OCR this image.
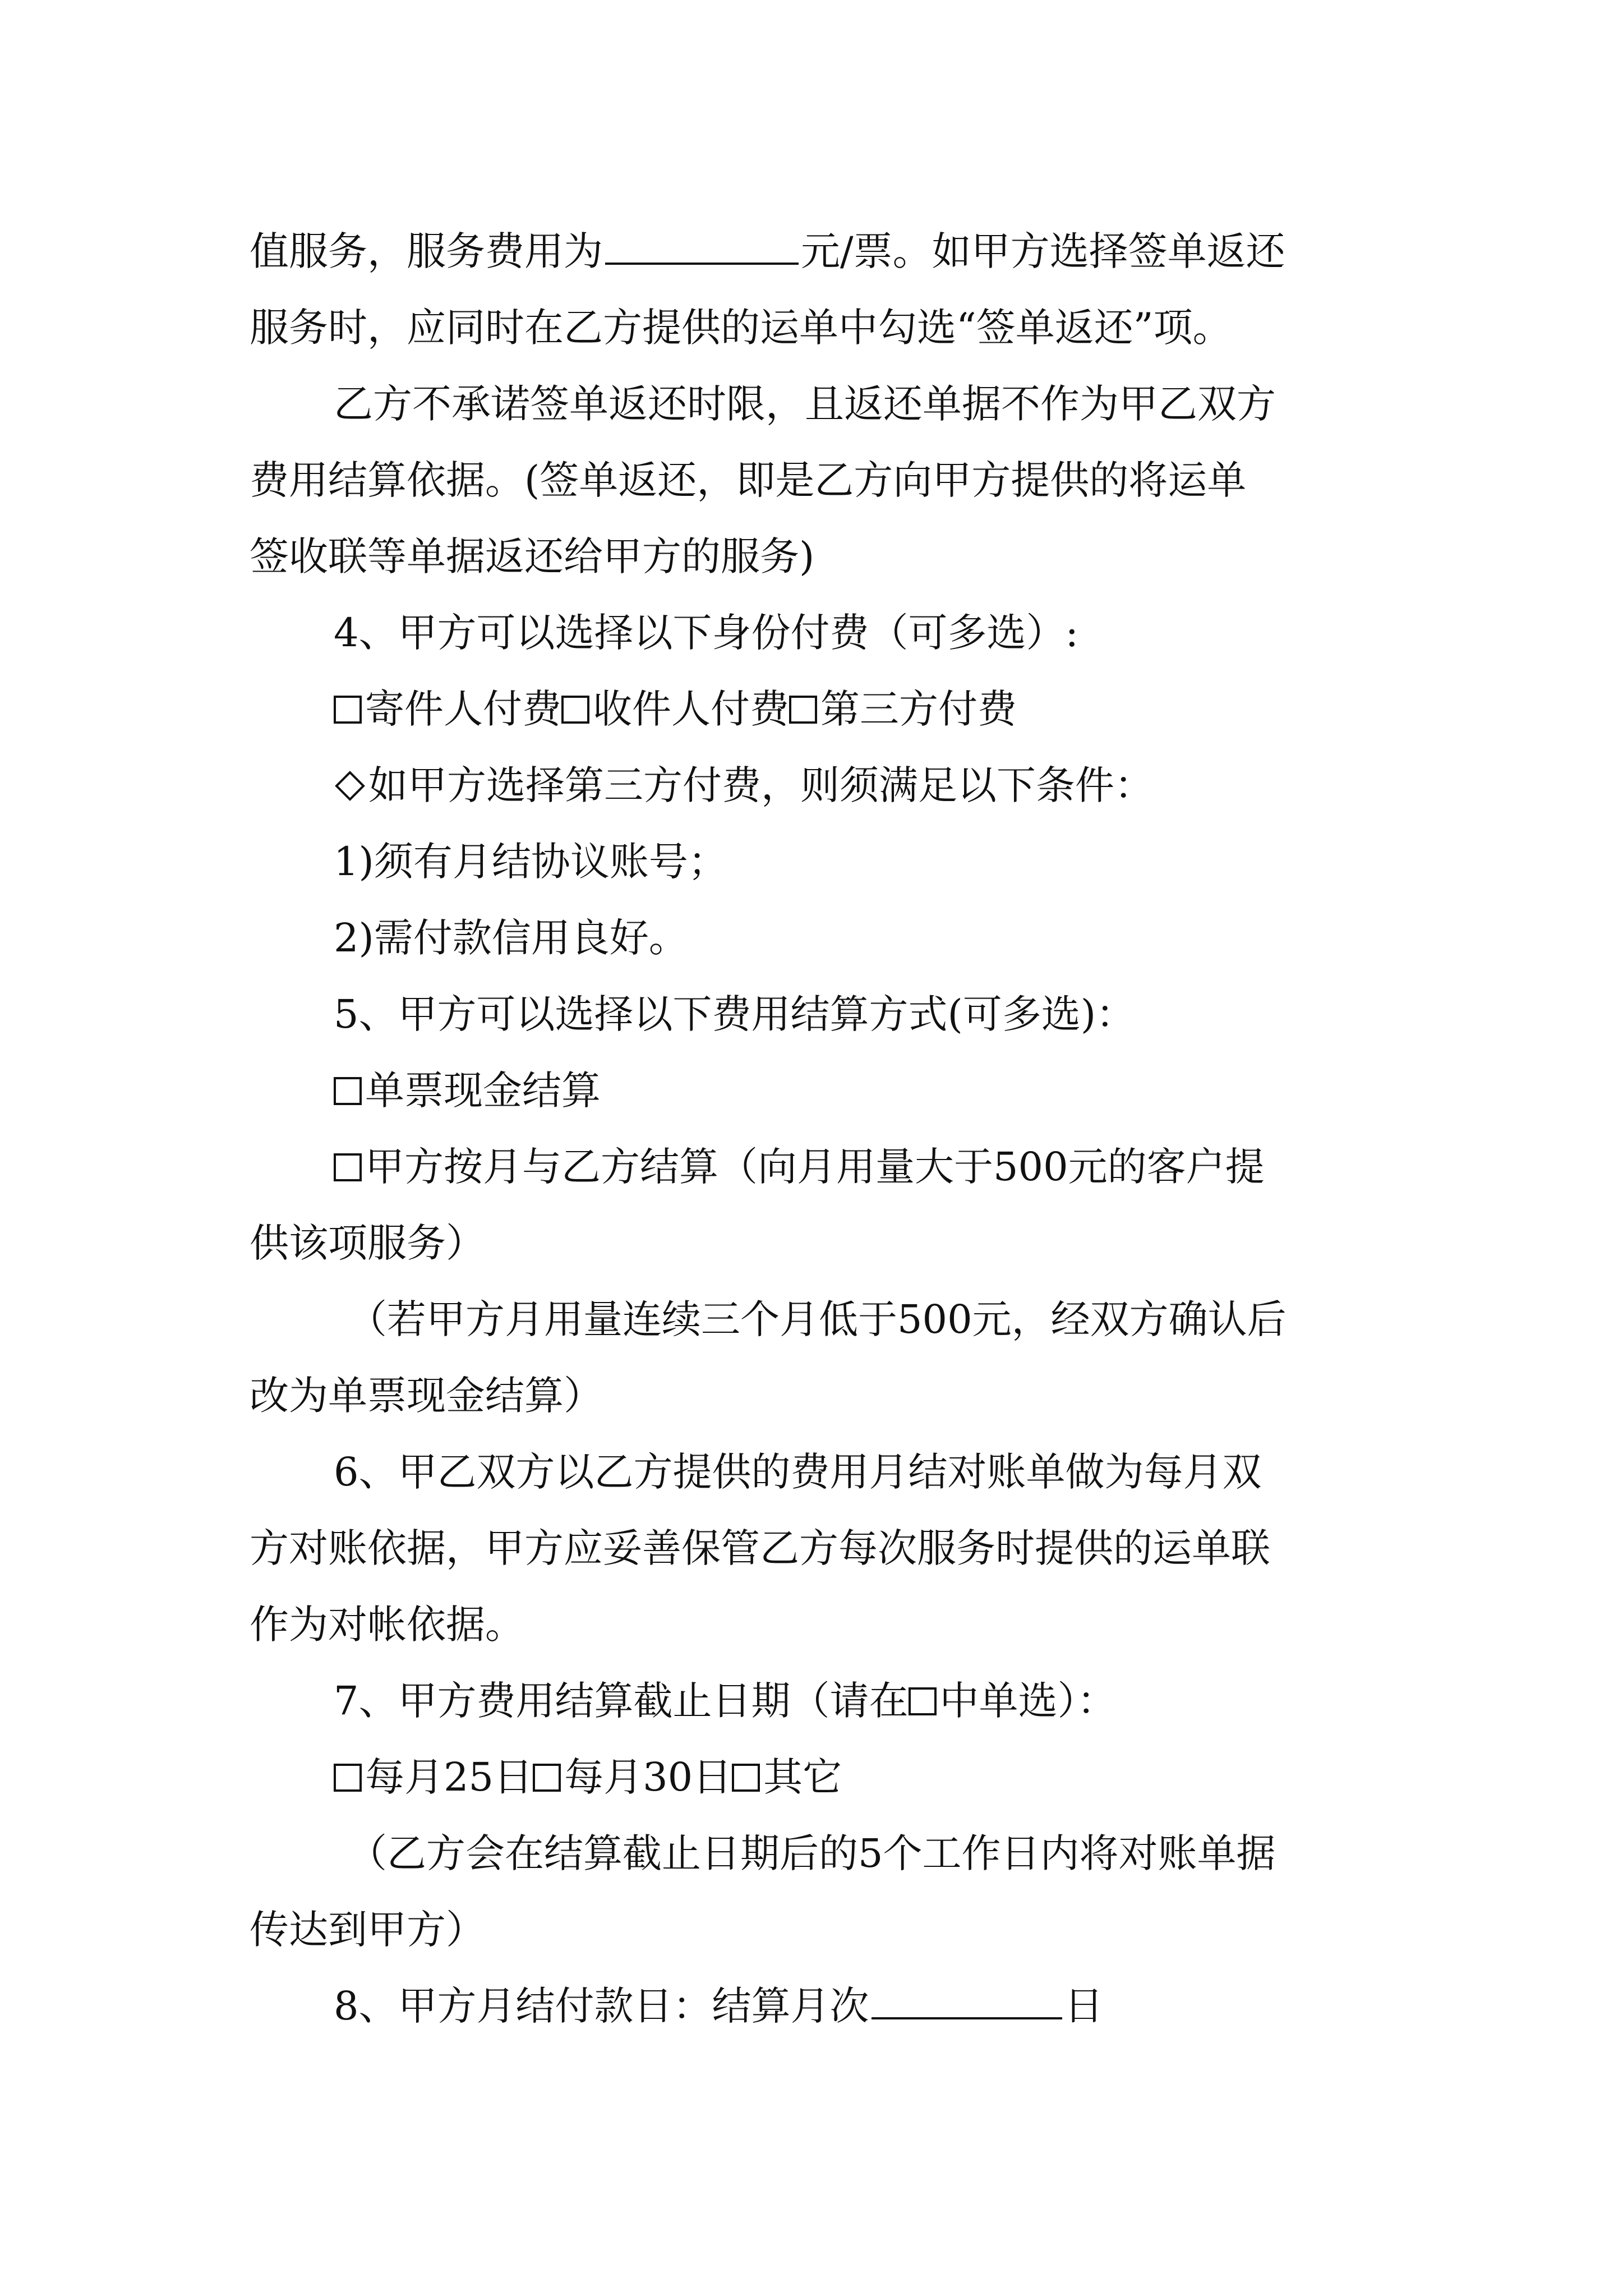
值服务，服务费用为	元/票。如甲方选择签单返还
服务时，应同时在乙方提供的运单中勾选“签单返还”项。
乙方不承诺签单返还时限，且返还单据不作为甲乙双方
费用结算依据。(签单返还，即是乙方向甲方提供的将运单
签收联等单据返还给甲方的服务)
4、甲方可以选择以下身份付费（可多选）:
寄件人付费 收件人付费 第三方付费
如甲方选择第三方付费，则须满足以下条件：
1)须有月结协议账号；
2)需付款信用良好。
5、甲方可以选择以下费用结算方式(可多选)：
单票现金结算
甲方按月与乙方结算（向月用量大于500元的客户提
供该项服务）
（若甲方月用量连续三个月低于500元，经双方确认后
改为单票现金结算）
6、甲乙双方以乙方提供的费用月结对账单做为每月双
方对账依据，甲方应妥善保管乙方每次服务时提供的运单联
作为对帐依据。
7、甲方费用结算截止日期（请在 中单选）：
每月25日 每月30日 其它
（乙方会在结算截止日期后的5个工作日内将对账单据
传达到甲方）
8、甲方月结付款日：结算月次	日
